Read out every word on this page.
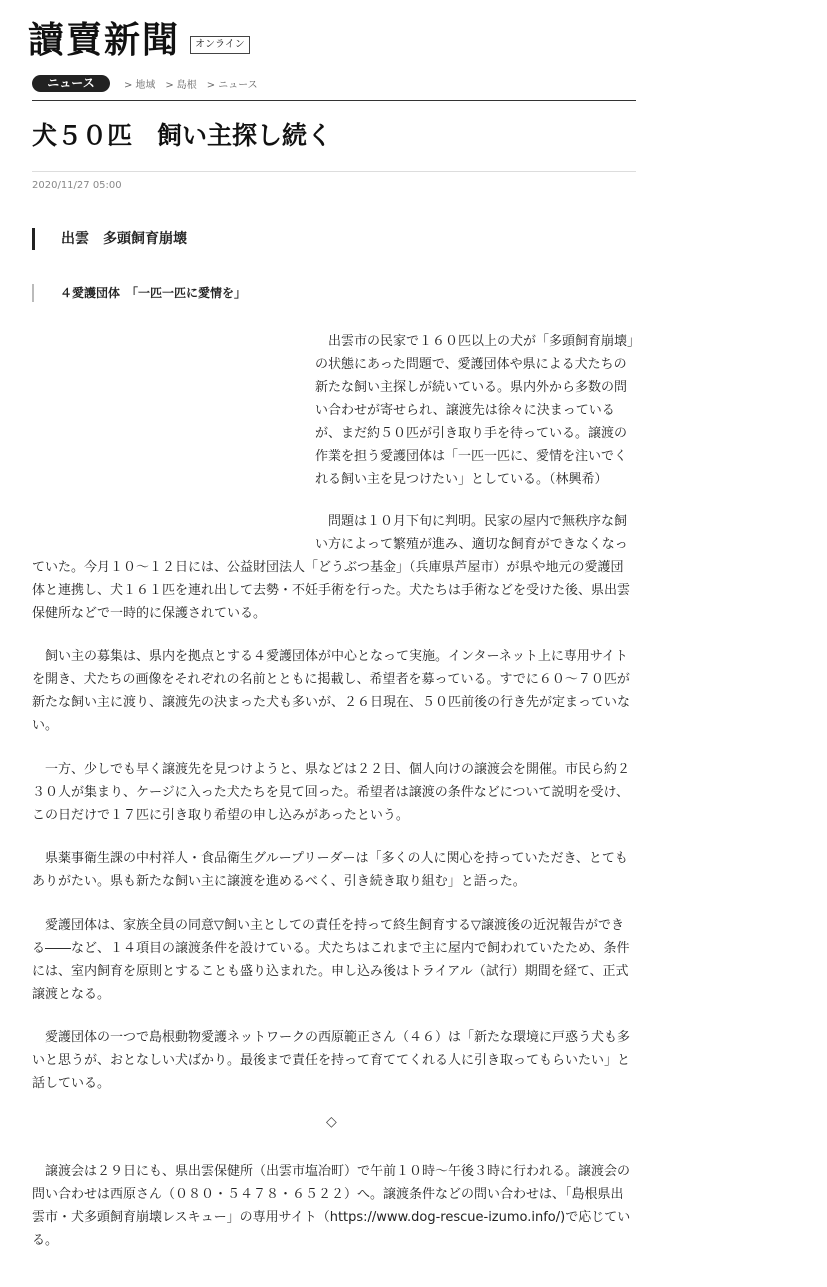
讀賣新聞	オンライン
ニュース	> 地域 > 島根 > ニュース
犬５０匹　飼い主探し続く
2020/11/27 05:00
出雲　多頭飼育崩壊
４愛護団体　「一匹一匹に愛情を」

　出雲市の民家で１６０匹以上の犬が「多頭飼育崩壊」の状態にあった問題で、愛護団体や県による犬たちの新たな飼い主探しが続いている。県内外から多数の問い合わせが寄せられ、譲渡先は徐々に決まっているが、まだ約５０匹が引き取り手を待っている。譲渡の作業を担う愛護団体は「一匹一匹に、愛情を注いでくれる飼い主を見つけたい」としている。（林興希）

　問題は１０月下旬に判明。民家の屋内で無秩序な飼い方によって繁殖が進み、適切な飼育ができなくなっ

ていた。今月１０～１２日には、公益財団法人「どうぶつ基金」（兵庫県芦屋市）が県や地元の愛護団体と連携し、犬１６１匹を連れ出して去勢・不妊手術を行った。犬たちは手術などを受けた後、県出雲保健所などで一時的に保護されている。

　飼い主の募集は、県内を拠点とする４愛護団体が中心となって実施。インターネット上に専用サイトを開き、犬たちの画像をそれぞれの名前とともに掲載し、希望者を募っている。すでに６０～７０匹が新たな飼い主に渡り、譲渡先の決まった犬も多いが、２６日現在、５０匹前後の行き先が定まっていない。

　一方、少しでも早く譲渡先を見つけようと、県などは２２日、個人向けの譲渡会を開催。市民ら約２３０人が集まり、ケージに入った犬たちを見て回った。希望者は譲渡の条件などについて説明を受け、この日だけで１７匹に引き取り希望の申し込みがあったという。

　県薬事衛生課の中村祥人・食品衛生グループリーダーは「多くの人に関心を持っていただき、とてもありがたい。県も新たな飼い主に譲渡を進めるべく、引き続き取り組む」と語った。

　愛護団体は、家族全員の同意▽飼い主としての責任を持って終生飼育する▽譲渡後の近況報告ができる――など、１４項目の譲渡条件を設けている。犬たちはこれまで主に屋内で飼われていたため、条件には、室内飼育を原則とすることも盛り込まれた。申し込み後はトライアル（試行）期間を経て、正式譲渡となる。

　愛護団体の一つで島根動物愛護ネットワークの西原範正さん（４６）は「新たな環境に戸惑う犬も多いと思うが、おとなしい犬ばかり。最後まで責任を持って育ててくれる人に引き取ってもらいたい」と話している。

◇

　譲渡会は２９日にも、県出雲保健所（出雲市塩冶町）で午前１０時～午後３時に行われる。譲渡会の問い合わせは西原さん（０８０・５４７８・６５２２）へ。譲渡条件などの問い合わせは、「島根県出雲市・犬多頭飼育崩壊レスキュー」の専用サイト（https://www.dog-rescue-izumo.info/)で応じている。
